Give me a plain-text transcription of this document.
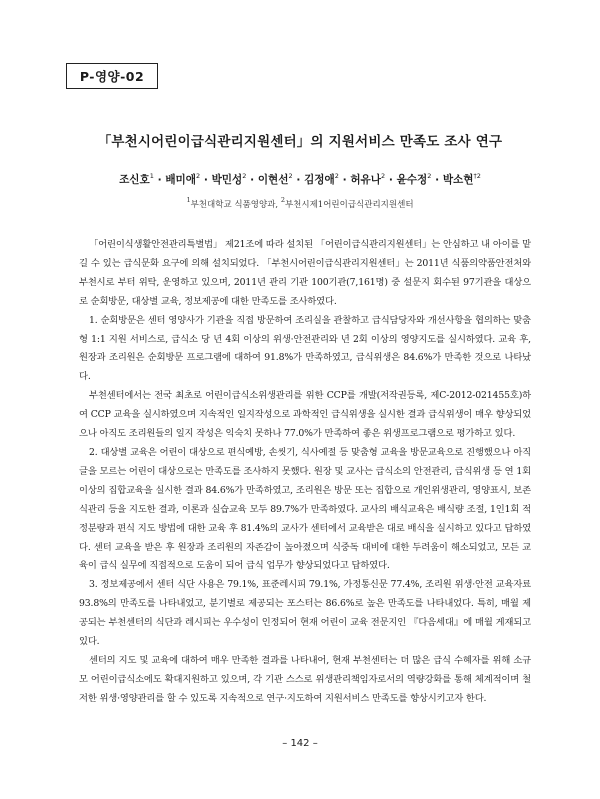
P-영양-02
「부천시어린이급식관리지원센터」의 지원서비스 만족도 조사 연구
조신호$^1$ · 배미애$^2$ · 박민성$^2$ · 이현선$^2$ · 김정애$^2$ · 허유나$^2$ · 윤수정$^2$ · 박소현$^{\dagger 2}$
$^1$부천대학교 식품영양과, $^2$부천시제1어린이급식관리지원센터

「어린이식생활안전관리특별법」 제21조에 따라 설치된 「어린이급식관리지원센터」는 안심하고 내 아이를 맡길 수 있는 급식문화 요구에 의해 설치되었다. 「부천시어린이급식관리지원센터」는 2011년 식품의약품안전처와 부천시로 부터 위탁, 운영하고 있으며, 2011년 관리 기관 100기관(7,161명) 중 설문지 회수된 97기관을 대상으로 순회방문, 대상별 교육, 정보제공에 대한 만족도를 조사하였다.

1. 순회방문은 센터 영양사가 기관을 직접 방문하여 조리실을 관찰하고 급식담당자와 개선사항을 협의하는 맞춤형 1:1 지원 서비스로, 급식소 당 년 4회 이상의 위생·안전관리와 년 2회 이상의 영양지도를 실시하였다. 교육 후, 원장과 조리원은 순회방문 프로그램에 대하여 91.8%가 만족하였고, 급식위생은 84.6%가 만족한 것으로 나타났다.

부천센터에서는 전국 최초로 어린이급식소위생관리를 위한 CCP를 개발(저작권등록, 제C-2012-021455호)하여 CCP 교육을 실시하였으며 지속적인 일지작성으로 과학적인 급식위생을 실시한 결과 급식위생이 매우 향상되었으나 아직도 조리원들의 일지 작성은 익숙치 못하나 77.0%가 만족하여 좋은 위생프로그램으로 평가하고 있다.

2. 대상별 교육은 어린이 대상으로 편식예방, 손씻기, 식사예절 등 맞춤형 교육을 방문교육으로 진행했으나 아직 글을 모르는 어린이 대상으로는 만족도를 조사하지 못했다. 원장 및 교사는 급식소의 안전관리, 급식위생 등 연 1회 이상의 집합교육을 실시한 결과 84.6%가 만족하였고, 조리원은 방문 또는 집합으로 개인위생관리, 영양표시, 보존식관리 등을 지도한 결과, 이론과 실습교육 모두 89.7%가 만족하였다. 교사의 배식교육은 배식량 조절, 1인1회 적정분량과 편식 지도 방법에 대한 교육 후 81.4%의 교사가 센터에서 교육받은 대로 배식을 실시하고 있다고 답하였다. 센터 교육을 받은 후 원장과 조리원의 자존감이 높아졌으며 식중독 대비에 대한 두려움이 해소되었고, 모든 교육이 급식 실무에 직접적으로 도움이 되어 급식 업무가 향상되었다고 답하였다.

3. 정보제공에서 센터 식단 사용은 79.1%, 표준레시피 79.1%, 가정통신문 77.4%, 조리원 위생·안전 교육자료 93.8%의 만족도를 나타내었고, 분기별로 제공되는 포스터는 86.6%로 높은 만족도를 나타내었다. 특히, 매월 제공되는 부천센터의 식단과 레시피는 우수성이 인정되어 현재 어린이 교육 전문지인 『다음세대』에 매월 게재되고 있다.

센터의 지도 및 교육에 대하여 매우 만족한 결과를 나타내어, 현재 부천센터는 더 많은 급식 수혜자를 위해 소규모 어린이급식소에도 확대지원하고 있으며, 각 기관 스스로 위생관리책임자로서의 역량강화를 통해 체계적이며 철저한 위생·영양관리를 할 수 있도록 지속적으로 연구·지도하여 지원서비스 만족도를 향상시키고자 한다.

– 142 –
